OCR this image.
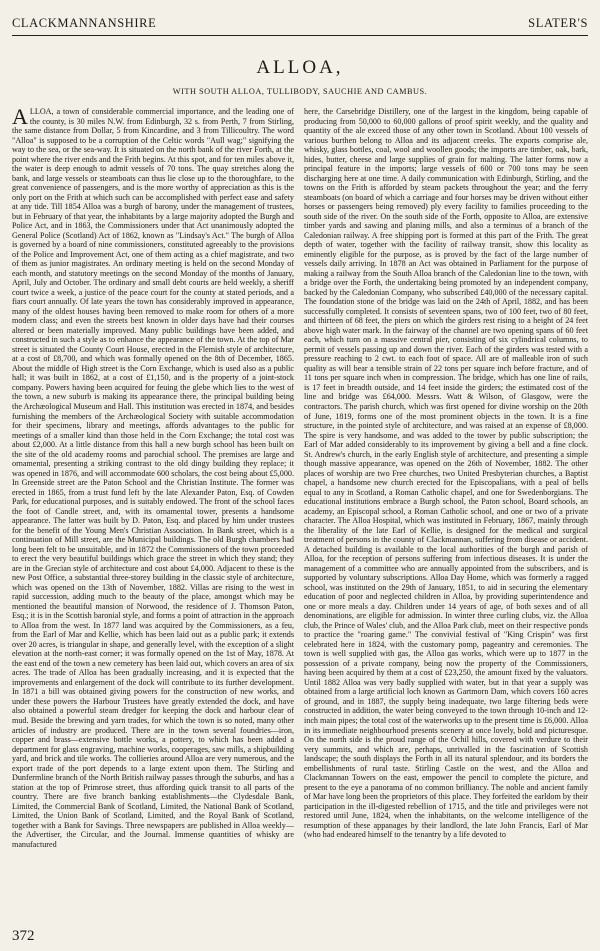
CLACKMANNANSHIRE	SLATER'S
ALLOA,
WITH SOUTH ALLOA, TULLIBODY, SAUCHIE AND CAMBUS.

ALLOA, a town of considerable commercial importance, and the leading one of the county, is 30 miles N.W. from Edinburgh, 32 s. from Perth, 7 from Stirling, the same distance from Dollar, 5 from Kincardine, and 3 from Tillicoultry. The word "Alloa" is supposed to be a corruption of the Celtic words "Aull wag;" signifying the way to the sea, or the sea-way. It is situated on the north bank of the river Forth, at the point where the river ends and the Frith begins. At this spot, and for ten miles above it, the water is deep enough to admit vessels of 70 tons. The quay stretches along the bank, and large vessels or steamboats can thus lie close up to the thoroughfare, to the great convenience of passengers, and is the more worthy of appreciation as this is the only port on the Frith at which such can be accomplished with perfect ease and safety at any tide. Till 1854 Alloa was a burgh of barony, under the management of trustees, but in February of that year, the inhabitants by a large majority adopted the Burgh and Police Act, and in 1863, the Commissioners under that Act unanimously adopted the General Police (Scotland) Act of 1862, known as "Lindsay's Act." The burgh of Alloa is governed by a board of nine commissioners, constituted agreeably to the provisions of the Police and Improvement Act, one of them acting as a chief magistrate, and two of them as junior magistrates. An ordinary meeting is held on the second Monday of each month, and statutory meetings on the second Monday of the months of January, April, July and October. The ordinary and small debt courts are held weekly, a sheriff court twice a week, a justice of the peace court for the county at stated periods, and a fiars court annually. Of late years the town has considerably improved in appearance, many of the oldest houses having been removed to make room for others of a more modern class; and even the streets best known in older days have had their courses altered or been materially improved. Many public buildings have been added, and constructed in such a style as to enhance the appearance of the town. At the top of Mar street is situated the County Court House, erected in the Flemish style of architecture, at a cost of £8,700, and which was formally opened on the 8th of December, 1865. About the middle of High street is the Corn Exchange, which is used also as a public hall; it was built in 1862, at a cost of £1,150, and is the property of a joint-stock company. Powers having been acquired for feuing the glebe which lies to the west of the town, a new suburb is making its appearance there, the principal building being the Archæological Museum and Hall. This institution was erected in 1874, and besides furnishing the members of the Archæological Society with suitable accommodation for their specimens, library and meetings, affords advantages to the public for meetings of a smaller kind than those held in the Corn Exchange; the total cost was about £2,000. At a little distance from this hall a new burgh school has been built on the site of the old academy rooms and parochial school. The premises are large and ornamental, presenting a striking contrast to the old dingy building they replace; it was opened in 1876, and will accommodate 600 scholars, the cost being about £5,000. In Greenside street are the Paton School and the Christian Institute. The former was erected in 1865, from a trust fund left by the late Alexander Paton, Esq. of Cowden Park, for educational purposes, and is suitably endowed. The front of the school faces the foot of Candle street, and, with its ornamental tower, presents a handsome appearance. The latter was built by D. Paton, Esq. and placed by him under trustees for the benefit of the Young Men's Christian Association. In Bank street, which is a continuation of Mill street, are the Municipal buildings. The old Burgh chambers had long been felt to be unsuitable, and in 1872 the Commissioners of the town proceeded to erect the very beautiful buildings which grace the street in which they stand; they are in the Grecian style of architecture and cost about £4,000. Adjacent to these is the new Post Office, a substantial three-storey building in the classic style of architecture, which was opened on the 13th of November, 1882. Villas are rising to the west in rapid succession, adding much to the beauty of the place, amongst which may be mentioned the beautiful mansion of Norwood, the residence of J. Thomson Paton, Esq.; it is in the Scottish baronial style, and forms a point of attraction in the approach to Alloa from the west. In 1877 land was acquired by the Commissioners, as a feu, from the Earl of Mar and Kellie, which has been laid out as a public park; it extends over 20 acres, is triangular in shape, and generally level, with the exception of a slight elevation at the north-east corner; it was formally opened on the 1st of May, 1878. At the east end of the town a new cemetery has been laid out, which covers an area of six acres. The trade of Alloa has been gradually increasing, and it is expected that the improvements and enlargement of the dock will contribute to its further development. In 1871 a bill was obtained giving powers for the construction of new works, and under these powers the Harbour Trustees have greatly extended the dock, and have also obtained a powerful steam dredger for keeping the dock and harbour clear of mud. Beside the brewing and yarn trades, for which the town is so noted, many other articles of industry are produced. There are in the town several foundries—iron, copper and brass—extensive bottle works, a pottery, to which has been added a department for glass engraving, machine works, cooperages, saw mills, a shipbuilding yard, and brick and tile works. The collieries around Alloa are very numerous, and the export trade of the port depends to a large extent upon them. The Stirling and Dunfermline branch of the North British railway passes through the suburbs, and has a station at the top of Primrose street, thus affording quick transit to all parts of the country. There are five branch banking establishments—the Clydesdale Bank, Limited, the Commercial Bank of Scotland, Limited, the National Bank of Scotland, Limited, the Union Bank of Scotland, Limited, and the Royal Bank of Scotland, together with a Bank for Savings. Three newspapers are published in Alloa weekly—the Advertiser, the Circular, and the Journal. Immense quantities of whisky are manufactured

here, the Carsebridge Distillery, one of the largest in the kingdom, being capable of producing from 50,000 to 60,000 gallons of proof spirit weekly, and the quality and quantity of the ale exceed those of any other town in Scotland. About 100 vessels of various burthen belong to Alloa and its adjacent creeks. The exports comprise ale, whisky, glass bottles, coal, wool and woollen goods; the imports are timber, oak, bark, hides, butter, cheese and large supplies of grain for malting. The latter forms now a principal feature in the imports; large vessels of 600 or 700 tons may be seen discharging here at one time. A daily communication with Edinburgh, Stirling, and the towns on the Frith is afforded by steam packets throughout the year; and the ferry steamboats (on board of which a carriage and four horses may be driven without either horses or passengers being removed) ply every facility to families proceeding to the south side of the river. On the south side of the Forth, opposite to Alloa, are extensive timber yards and sawing and planing mills, and also a terminus of a branch of the Caledonian railway. A free shipping port is formed at this part of the Frith. The great depth of water, together with the facility of railway transit, show this locality as eminently eligible for the purpose, as is proved by the fact of the large number of vessels daily arriving. In 1878 an Act was obtained in Parliament for the purpose of making a railway from the South Alloa branch of the Caledonian line to the town, with a bridge over the Forth, the undertaking being promoted by an independent company, backed by the Caledonian Company, who subscribed £40,000 of the necessary capital. The foundation stone of the bridge was laid on the 24th of April, 1882, and has been successfully completed. It consists of seventeen spans, two of 100 feet, two of 80 feet, and thirteen of 68 feet, the piers on which the girders rest rising to a height of 24 feet above high water mark. In the fairway of the channel are two opening spans of 60 feet each, which turn on a massive central pier, consisting of six cylindrical columns, to permit of vessels passing up and down the river. Each of the girders was tested with a pressure reaching to 2 cwt. to each foot of space. All are of malleable iron of such quality as will bear a tensible strain of 22 tons per square inch before fracture, and of 11 tons per square inch when in compression. The bridge, which has one line of rails, is 17 feet in breadth outside, and 14 feet inside the girders; the estimated cost of the line and bridge was £64,000. Messrs. Watt & Wilson, of Glasgow, were the contractors. The parish church, which was first opened for divine worship on the 20th of June, 1819, forms one of the most prominent objects in the town. It is a fine structure, in the pointed style of architecture, and was raised at an expense of £8,000. The spire is very handsome, and was added to the tower by public subscription; the Earl of Mar added considerably to its improvement by giving a bell and a fine clock. St. Andrew's church, in the early English style of architecture, and presenting a simple though massive appearance, was opened on the 26th of November, 1882. The other places of worship are two Free churches, two United Presbyterian churches, a Baptist chapel, a handsome new church erected for the Episcopalians, with a peal of bells equal to any in Scotland, a Roman Catholic chapel, and one for Swedenborgians. The educational institutions embrace a Burgh school, the Paton school, Board schools, an academy, an Episcopal school, a Roman Catholic school, and one or two of a private character. The Alloa Hospital, which was instituted in February, 1867, mainly through the liberality of the late Earl of Kellie, is designed for the medical and surgical treatment of persons in the county of Clackmannan, suffering from disease or accident. A detached building is available to the local authorities of the burgh and parish of Alloa, for the reception of persons suffering from infectious diseases. It is under the management of a committee who are annually appointed from the subscribers, and is supported by voluntary subscriptions. Alloa Day Home, which was formerly a ragged school, was instituted on the 29th of January, 1851, to aid in securing the elementary education of poor and neglected children in Alloa, by providing superintendence and one or more meals a day. Children under 14 years of age, of both sexes and of all denominations, are eligible for admission. In winter three curling clubs, viz. the Alloa club, the Prince of Wales' club, and the Alloa Park club, meet on their respective ponds to practice the "roaring game." The convivial festival of "King Crispin" was first celebrated here in 1824, with the customary pomp, pageantry and ceremonies. The town is well supplied with gas, the Alloa gas works, which were up to 1877 in the possession of a private company, being now the property of the Commissioners, having been acquired by them at a cost of £23,250, the amount fixed by the valuators. Until 1882 Alloa was very badly supplied with water, but in that year a supply was obtained from a large artificial loch known as Gartmorn Dam, which covers 160 acres of ground, and in 1887, the supply being inadequate, two large filtering beds were constructed in addition, the water being conveyed to the town through 10-inch and 12-inch main pipes; the total cost of the waterworks up to the present time is £6,000. Alloa in its immediate neighbourhood presents scenery at once lovely, bold and picturesque. On the north side is the proud range of the Ochil hills, covered with verdure to their very summits, and which are, perhaps, unrivalled in the fascination of Scottish landscape; the south displays the Forth in all its natural splendour, and its borders the embellishments of rural taste. Stirling Castle on the west, and the Alloa and Clackmannan Towers on the east, empower the pencil to complete the picture, and present to the eye a panorama of no common brilliancy. The noble and ancient family of Mar have long been the proprietors of this place. They forfeited the earldom by their participation in the ill-digested rebellion of 1715, and the title and privileges were not restored until June, 1824, when the inhabitants, on the welcome intelligence of the resumption of these appanages by their landlord, the late John Francis, Earl of Mar (who had endeared himself to the tenantry by a life devoted to

372
